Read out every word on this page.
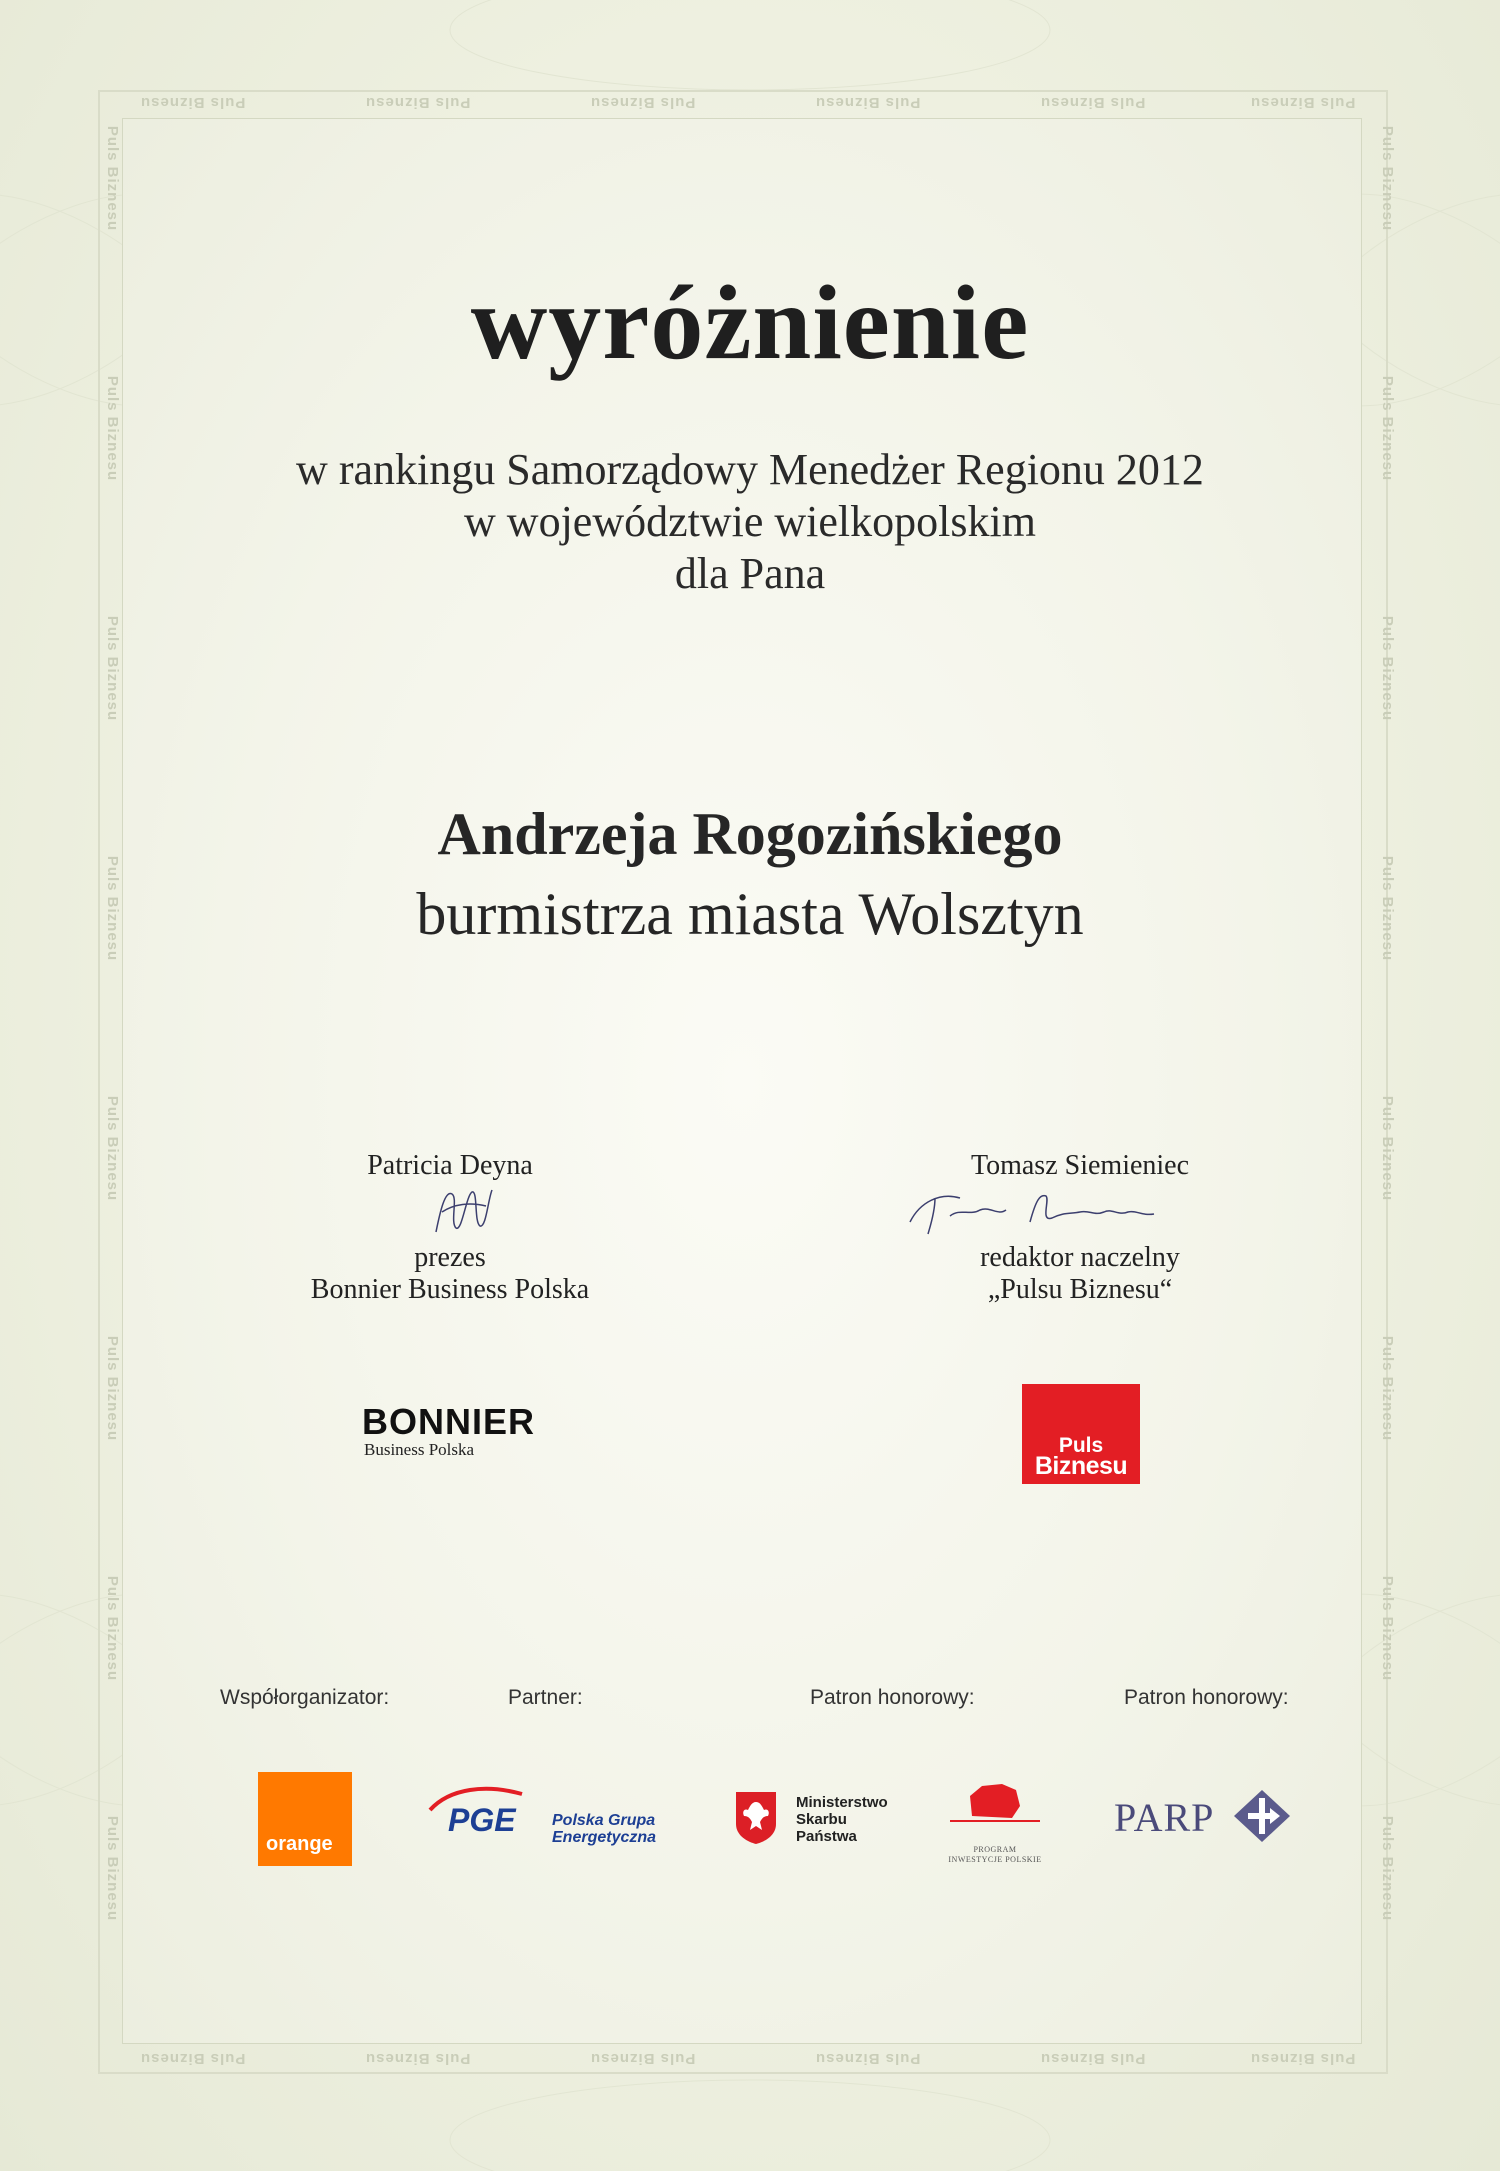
Puls Biznesu	Puls Biznesu	Puls Biznesu	Puls Biznesu	Puls Biznesu	Puls Biznesu
Puls Biznesu	Puls Biznesu	Puls Biznesu	Puls Biznesu	Puls Biznesu	Puls Biznesu
Puls Biznesu
Puls Biznesu
Puls Biznesu
Puls Biznesu
Puls Biznesu
Puls Biznesu
Puls Biznesu
Puls Biznesu
Puls Biznesu
Puls Biznesu
Puls Biznesu
Puls Biznesu
Puls Biznesu
Puls Biznesu
Puls Biznesu
Puls Biznesu
wyróżnienie
w rankingu Samorządowy Menedżer Regionu 2012
w województwie wielkopolskim
dla Pana
Andrzeja Rogozińskiego
burmistrza miasta Wolsztyn
Patricia Deyna
prezes
Bonnier Business Polska
Tomasz Siemieniec
redaktor naczelny
„Pulsu Biznesu“
BONNIER
Business Polska	Puls
Biznesu
Współorganizator:	Partner:	Patron honorowy:	Patron honorowy:
orange
PGE Polska Grupa
Energetyczna
Ministerstwo
Skarbu
Państwa
PROGRAM
INWESTYCJE POLSKIE
PARP
